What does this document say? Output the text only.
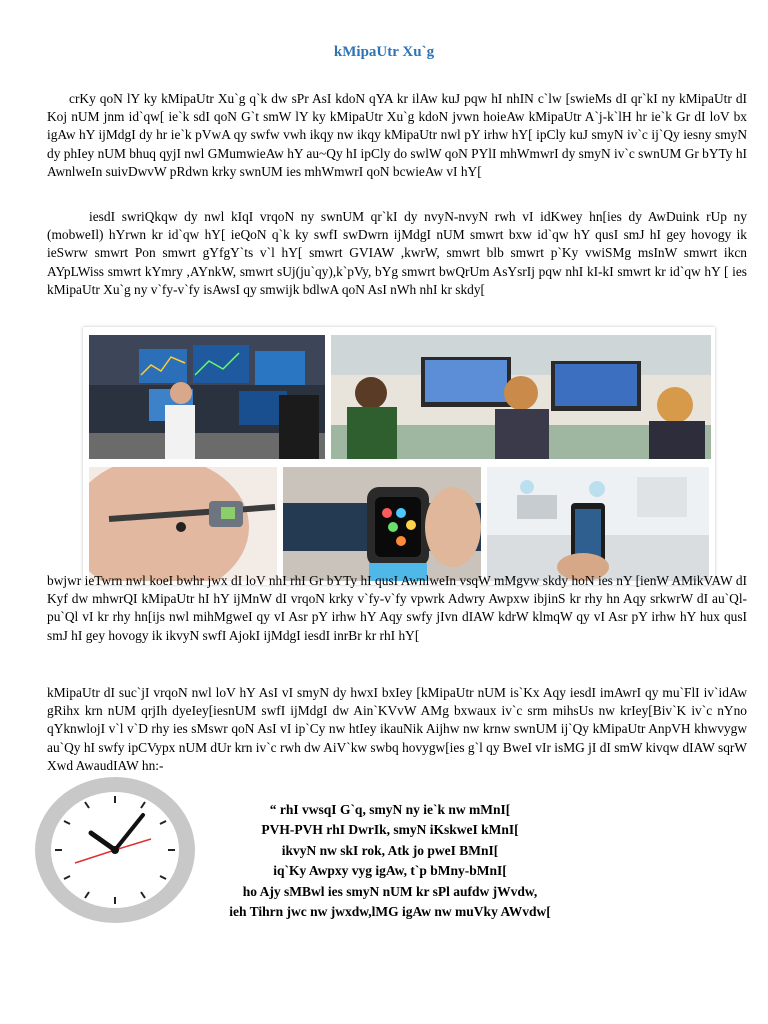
kMipaUtr Xu`g

crKy qoN lY ky kMipaUtr Xu`g q`k dw sPr AsI kdoN qYA kr ilAw kuJ pqw hI nhIN c`lw [swieMs dI qr`kI ny kMipaUtr dI Koj nUM jnm id`qw[ ie`k sdI qoN G`t smW lY ky kMipaUtr Xu`g kdoN jvwn hoieAw kMipaUtr A`j-k`lH hr ie`k Gr dI loV bx igAw hY ijMdgI dy hr ie`k pVwA qy swfw vwh ikqy nw ikqy kMipaUtr nwl pY irhw hY[ ipCly kuJ smyN iv`c ij`Qy iesny smyN dy phIey nUM bhuq qyjI nwl GMumwieAw hY au~Qy hI ipCly do swlW qoN PYlI mhWmwrI dy smyN iv`c swnUM Gr bYTy hI AwnlweIn suivDwvW pRdwn krky swnUM ies mhWmwrI qoN bcwieAw vI hY[

iesdI swriQkqw dy nwl kIqI vrqoN ny swnUM qr`kI dy nvyN-nvyN rwh vI idKwey hn[ies dy AwDuink rUp ny (mobweIl) hYrwn kr id`qw hY[ ieQoN q`k ky swfI swDwrn ijMdgI nUM smwrt bxw id`qw hY qusI smJ hI gey hovogy ik ieSwrw smwrt Pon smwrt gYfgY`ts v`l hY[ smwrt GVIAW ,kwrW, smwrt blb smwrt p`Ky vwiSMg msInW smwrt ikcn AYpLWiss smwrt kYmry ,AYnkW, smwrt sUj(ju`qy),k`pVy, bYg smwrt bwQrUm AsYsrIj pqw nhI kI-kI smwrt kr id`qw hY [ ies kMipaUtr Xu`g ny v`fy-v`fy isAwsI qy smwijk bdlwA qoN AsI nWh nhI kr skdy[

bwjwr ieTwrn nwl koeI bwhr jwx dI loV nhI rhI Gr bYTy hI qusI AwnlweIn vsqW mMgvw skdy hoN ies nY [ienW AMikVAW dI Kyf dw mhwrQI kMipaUtr hI hY ijMnW dI vrqoN krky v`fy-v`fy vpwrk Adwry Awpxw ibjinS kr rhy hn Aqy srkwrW dI au`Ql-pu`Ql vI kr rhy hn[ijs nwl mihMgweI qy vI Asr pY irhw hY Aqy swfy jIvn dIAW kdrW klmqW qy vI Asr pY irhw hY hux qusI smJ hI gey hovogy ik ikvyN swfI AjokI ijMdgI iesdI inrBr kr rhI hY[

kMipaUtr dI suc`jI vrqoN nwl loV hY AsI vI smyN dy hwxI bxIey [kMipaUtr nUM is`Kx Aqy iesdI imAwrI qy mu`FlI iv`idAw gRihx krn nUM qrjIh dyeIey[iesnUM swfI ijMdgI dw Ain`KVvW AMg bxwaux iv`c srm mihsUs nw krIey[Biv`K iv`c nYno qYknwlojI v`l v`D rhy ies sMswr qoN AsI vI ip`Cy nw htIey ikauNik Aijhw nw krnw swnUM ij`Qy kMipaUtr AnpVH khwvygw au`Qy hI swfy ipCVypx nUM dUr krn iv`c rwh dw AiV`kw swbq hovygw[ies g`l qy BweI vIr isMG jI dI smW kivqw dIAW sqrW Xwd AwaudIAW hn:-

“ rhI vwsqI G`q, smyN ny ie`k nw mMnI[
PVH-PVH rhI DwrIk, smyN iKskweI kMnI[
ikvyN nw skI rok, Atk jo pweI BMnI[
iq`Ky Awpxy vyg igAw, t`p bMny-bMnI[
ho Ajy sMBwl ies smyN nUM kr sPl aufdw jWvdw,
ieh Tihrn jwc nw jwxdw,lMG igAw nw muVky AWvdw[
